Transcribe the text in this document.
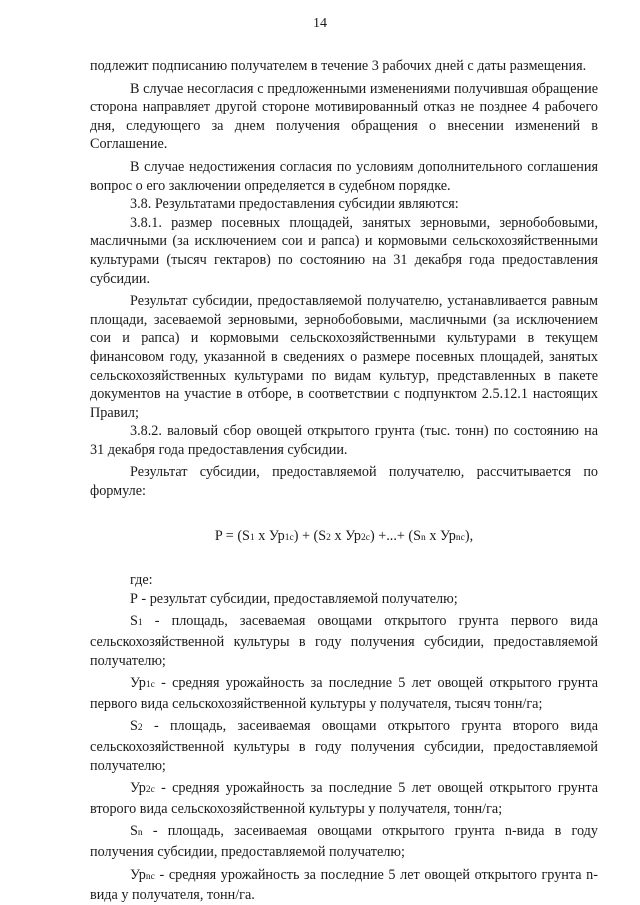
14

подлежит подписанию получателем в течение 3 рабочих дней с даты размещения.

В случае несогласия с предложенными изменениями получившая обращение сторона направляет другой стороне мотивированный отказ не позднее 4 рабочего дня, следующего за днем получения обращения о внесении изменений в Соглашение.

В случае недостижения согласия по условиям дополнительного соглашения вопрос о его заключении определяется в судебном порядке.

3.8. Результатами предоставления субсидии являются:

3.8.1. размер посевных площадей, занятых зерновыми, зернобобовыми, масличными (за исключением сои и рапса) и кормовыми сельскохозяйственными культурами (тысяч гектаров) по состоянию на 31 декабря года предоставления субсидии.

Результат субсидии, предоставляемой получателю, устанавливается равным площади, засеваемой зерновыми, зернобобовыми, масличными (за исключением сои и рапса) и кормовыми сельскохозяйственными культурами в текущем финансовом году, указанной в сведениях о размере посевных площадей, занятых сельскохозяйственных культурами по видам культур, представленных в пакете документов на участие в отборе, в соответствии с подпунктом 2.5.12.1 настоящих Правил;

3.8.2. валовый сбор овощей открытого грунта (тыс. тонн) по состоянию на 31 декабря года предоставления субсидии.

Результат субсидии, предоставляемой получателю, рассчитывается по формуле:

P = (S1 x Ур1с) + (S2 x Ур2с) +...+ (Sn x Урnс),

где:

Р - результат субсидии, предоставляемой получателю;

S1 - площадь, засеваемая овощами открытого грунта первого вида сельскохозяйственной культуры в году получения субсидии, предоставляемой получателю;

Ур1с - средняя урожайность за последние 5 лет овощей открытого грунта первого вида сельскохозяйственной культуры у получателя, тысяч тонн/га;

S2 - площадь, засеиваемая овощами открытого грунта второго вида сельскохозяйственной культуры в году получения субсидии, предоставляемой получателю;

Ур2с - средняя урожайность за последние 5 лет овощей открытого грунта второго вида сельскохозяйственной культуры у получателя, тонн/га;

Sn - площадь, засеиваемая овощами открытого грунта n-вида в году получения субсидии, предоставляемой получателю;

Урnс - средняя урожайность за последние 5 лет овощей открытого грунта n-вида у получателя, тонн/га.
